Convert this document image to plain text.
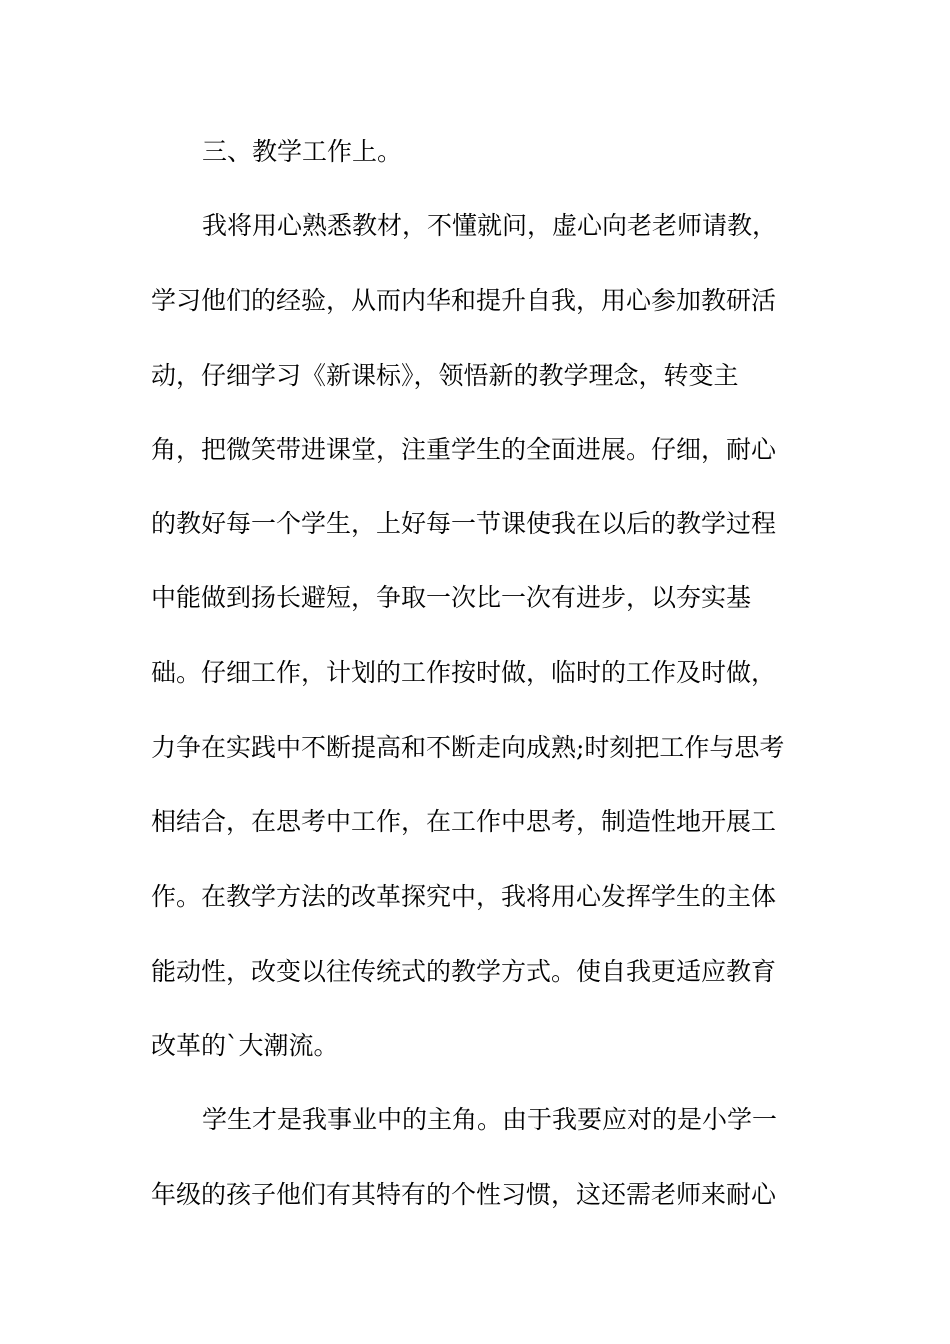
三、教学工作上。
我将用心熟悉教材，不懂就问，虚心向老老师请教，
学习他们的经验，从而内华和提升自我，用心参加教研活
动，仔细学习《新课标》，领悟新的教学理念，转变主
角，把微笑带进课堂，注重学生的全面进展。仔细，耐心
的教好每一个学生，上好每一节课使我在以后的教学过程
中能做到扬长避短，争取一次比一次有进步，以夯实基
础。仔细工作，计划的工作按时做，临时的工作及时做，
力争在实践中不断提高和不断走向成熟;时刻把工作与思考
相结合，在思考中工作，在工作中思考，制造性地开展工
作。在教学方法的改革探究中，我将用心发挥学生的主体
能动性，改变以往传统式的教学方式。使自我更适应教育
改革的`大潮流。
学生才是我事业中的主角。由于我要应对的是小学一
年级的孩子他们有其特有的个性习惯，这还需老师来耐心
